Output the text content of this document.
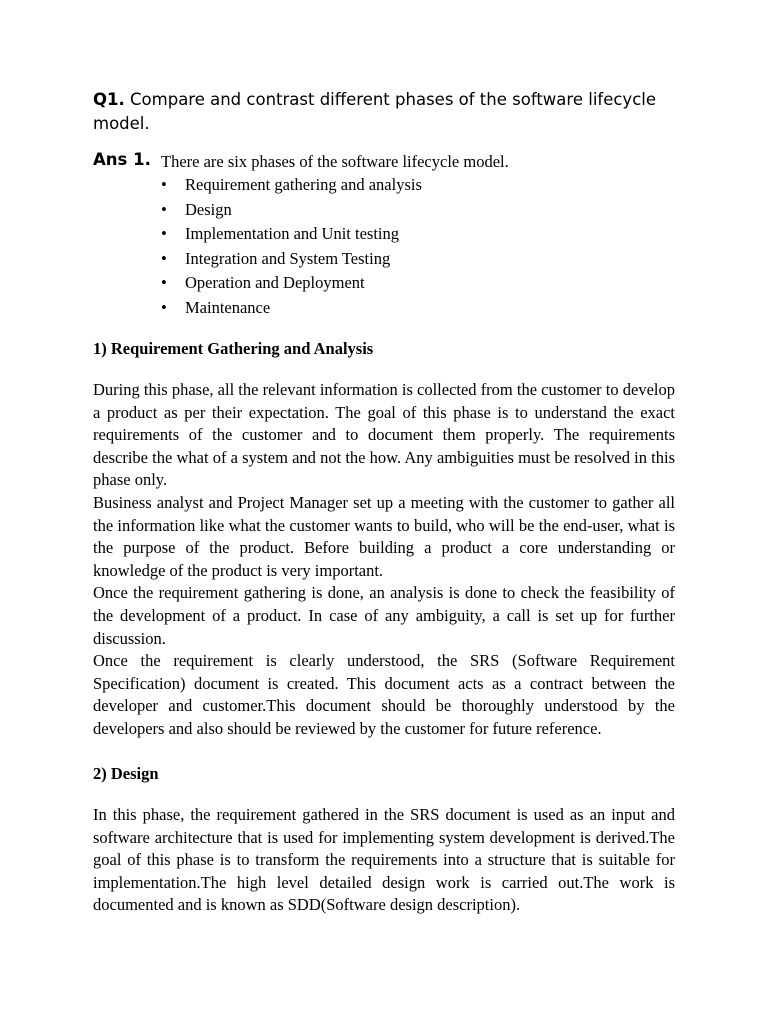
Q1. Compare and contrast different phases of the software lifecycle model.
Ans 1. There are six phases of the software lifecycle model.
• Requirement gathering and analysis
• Design
• Implementation and Unit testing
• Integration and System Testing
• Operation and Deployment
• Maintenance
1) Requirement Gathering and Analysis

During this phase, all the relevant information is collected from the customer to develop a product as per their expectation. The goal of this phase is to understand the exact requirements of the customer and to document them properly. The requirements describe the what of a system and not the how. Any ambiguities must be resolved in this phase only.

Business analyst and Project Manager set up a meeting with the customer to gather all the information like what the customer wants to build, who will be the end-user, what is the purpose of the product. Before building a product a core understanding or knowledge of the product is very important.

Once the requirement gathering is done, an analysis is done to check the feasibility of the development of a product. In case of any ambiguity, a call is set up for further discussion.

Once the requirement is clearly understood, the SRS (Software Requirement Specification) document is created. This document acts as a contract between the developer and customer.This document should be thoroughly understood by the developers and also should be reviewed by the customer for future reference.

2) Design

In this phase, the requirement gathered in the SRS document is used as an input and software architecture that is used for implementing system development is derived.The goal of this phase is to transform the requirements into a structure that is suitable for implementation.The high level detailed design work is carried out.The work is documented and is known as SDD(Software design description).
